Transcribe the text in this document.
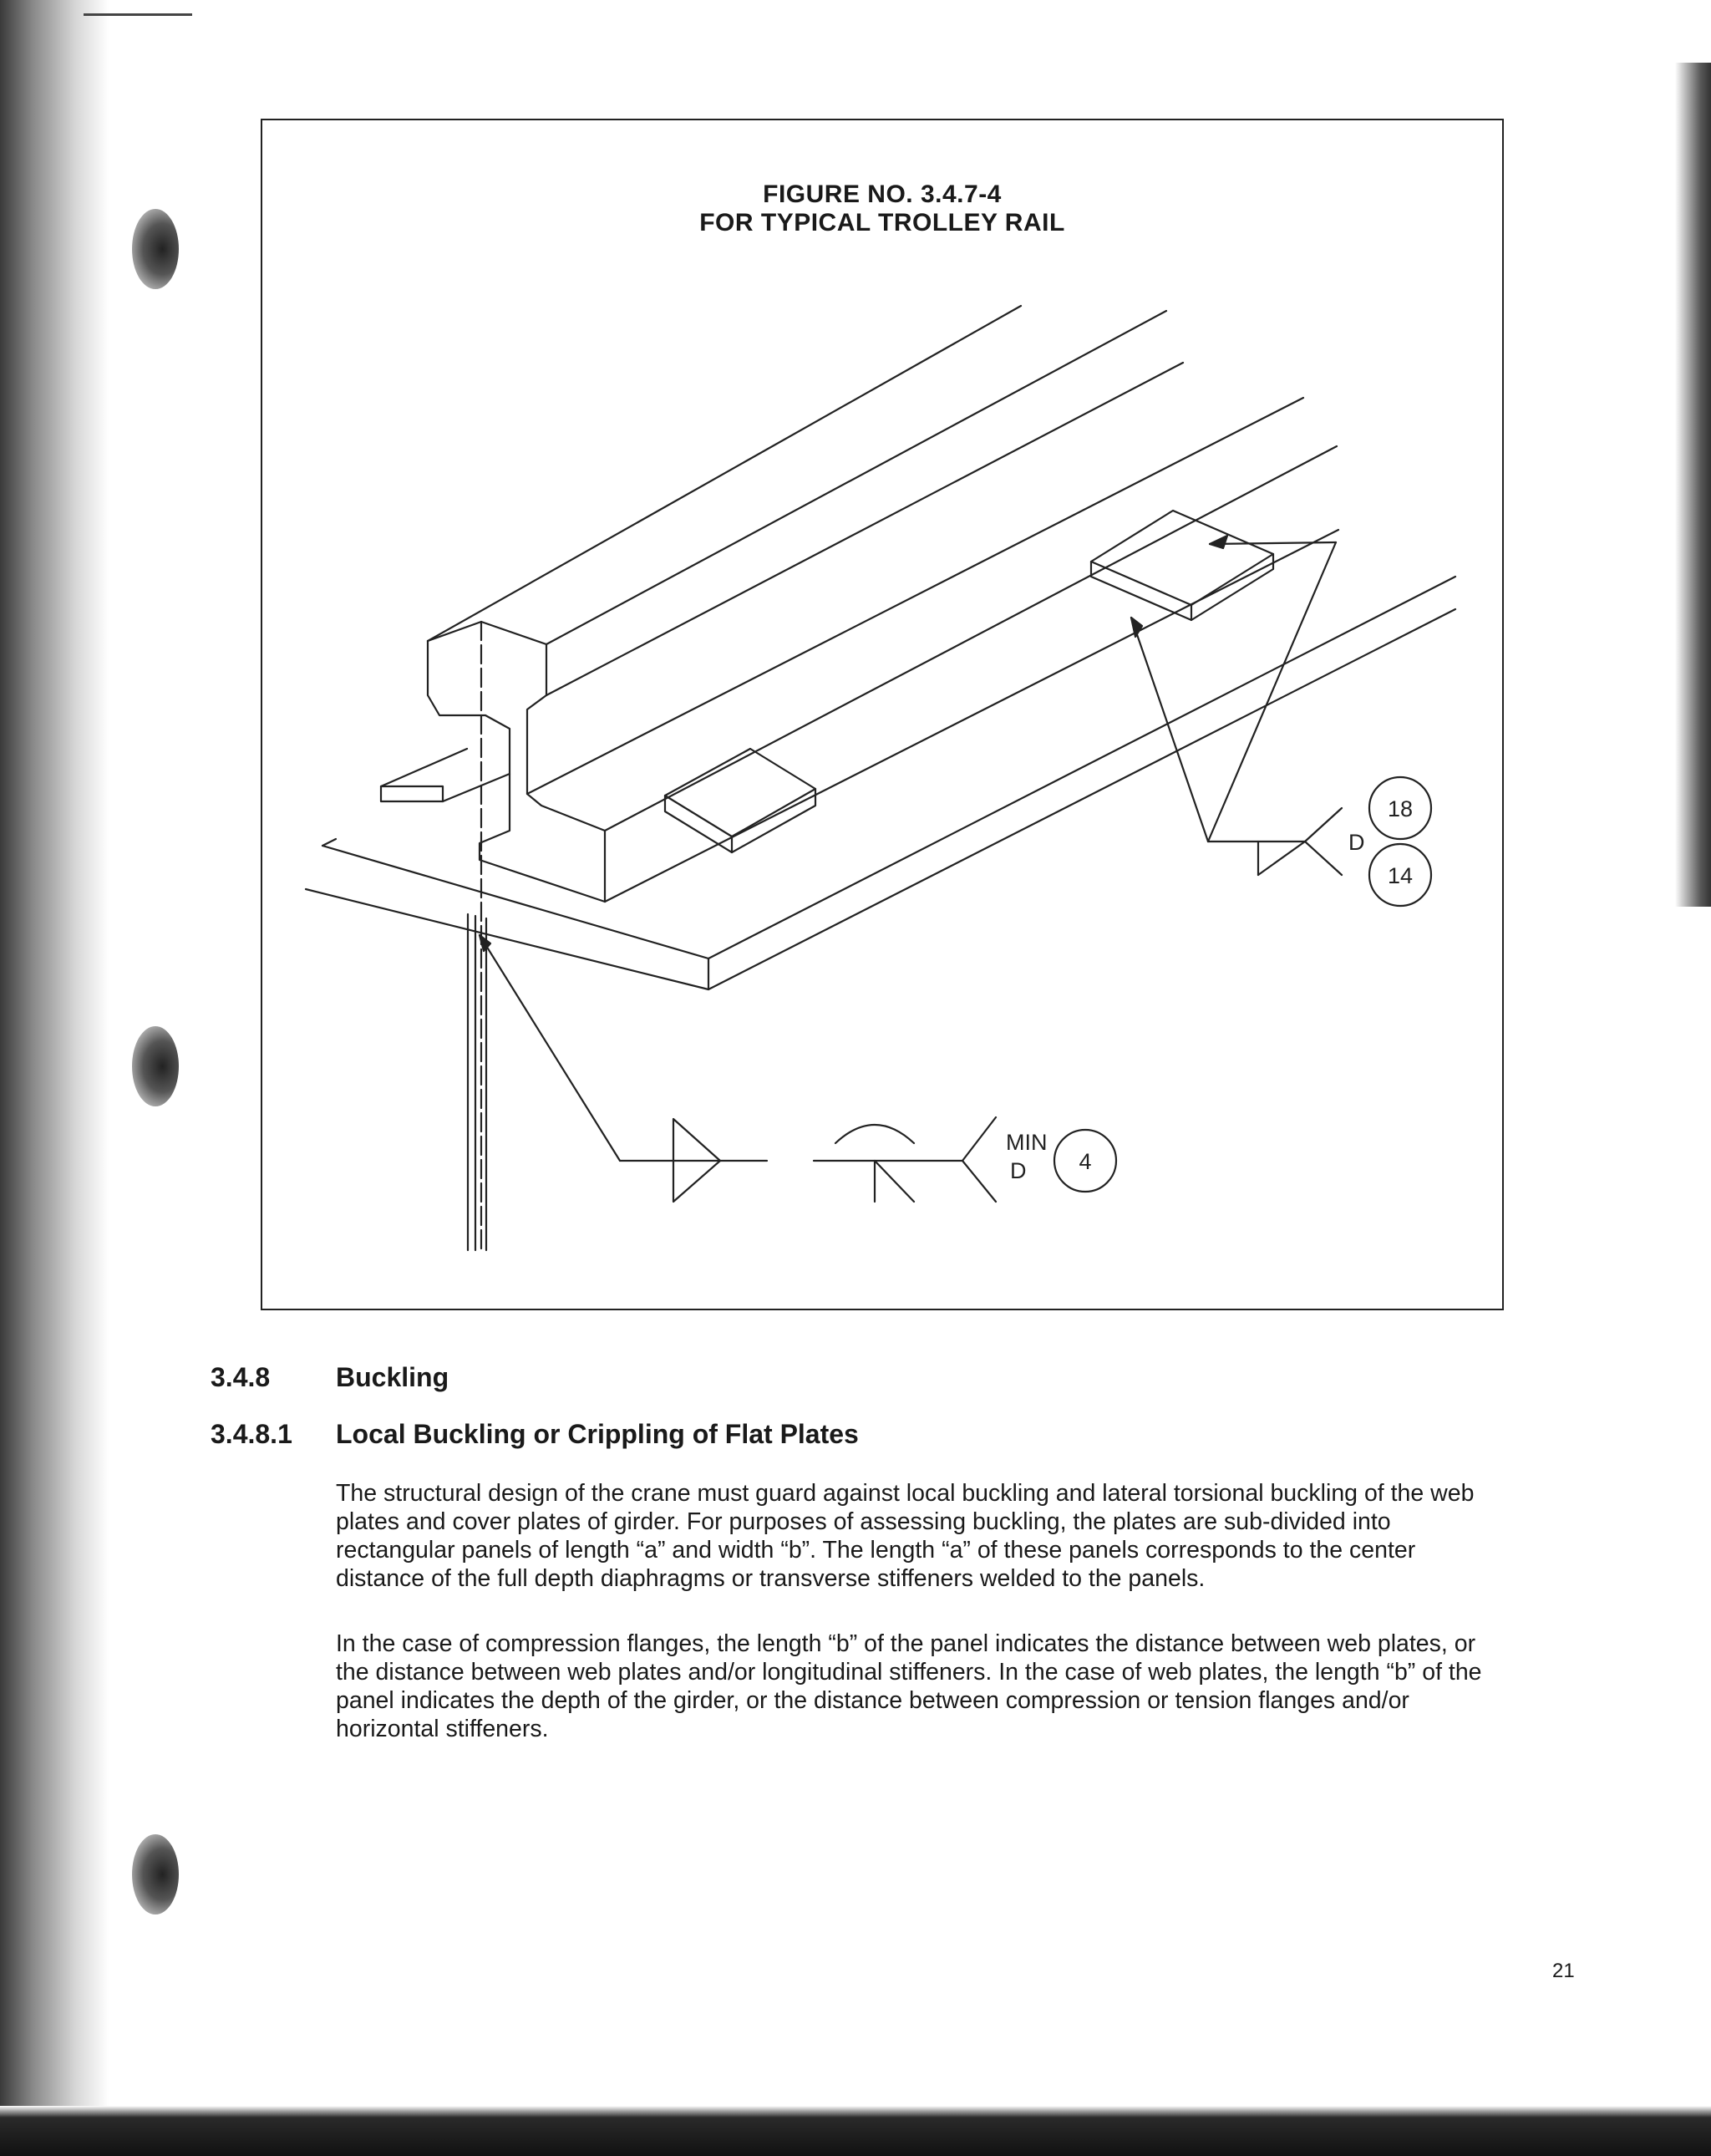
FIGURE NO. 3.4.7-4

FOR TYPICAL TROLLEY RAIL

18
14
D
MIN
D 4

3.4.8 Buckling

3.4.8.1 Local Buckling or Crippling of Flat Plates

The structural design of the crane must guard against local buckling and lateral torsional buckling of the web plates and cover plates of girder. For purposes of assessing buckling, the plates are sub-divided into rectangular panels of length “a” and width “b”. The length “a” of these panels corresponds to the center distance of the full depth diaphragms or transverse stiffeners welded to the panels.

In the case of compression flanges, the length “b” of the panel indicates the distance between web plates, or the distance between web plates and/or longitudinal stiffeners. In the case of web plates, the length “b” of the panel indicates the depth of the girder, or the distance between compression or tension flanges and/or horizontal stiffeners.

21
